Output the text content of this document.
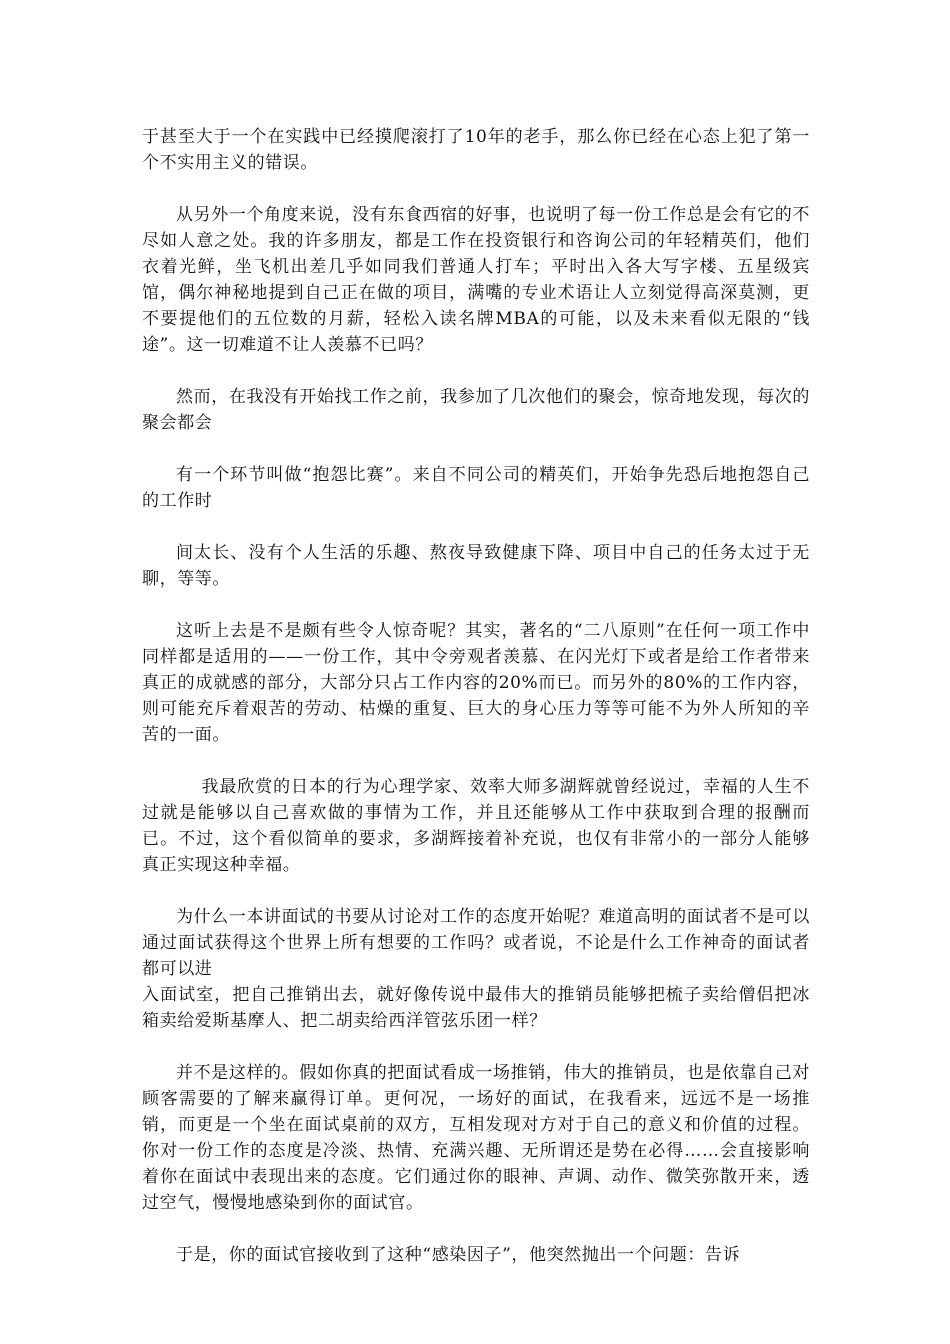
于甚至大于一个在实践中已经摸爬滚打了10年的老手，那么你已经在心态上犯了第一个不实用主义的错误。

从另外一个角度来说，没有东食西宿的好事，也说明了每一份工作总是会有它的不尽如人意之处。我的许多朋友，都是工作在投资银行和咨询公司的年轻精英们，他们衣着光鲜，坐飞机出差几乎如同我们普通人打车；平时出入各大写字楼、五星级宾馆，偶尔神秘地提到自己正在做的项目，满嘴的专业术语让人立刻觉得高深莫测，更不要提他们的五位数的月薪，轻松入读名牌MBA的可能，以及未来看似无限的“钱途”。这一切难道不让人羡慕不已吗？

然而，在我没有开始找工作之前，我参加了几次他们的聚会，惊奇地发现，每次的聚会都会

有一个环节叫做“抱怨比赛”。来自不同公司的精英们，开始争先恐后地抱怨自己的工作时

间太长、没有个人生活的乐趣、熬夜导致健康下降、项目中自己的任务太过于无聊，等等。

这听上去是不是颇有些令人惊奇呢？其实，著名的“二八原则”在任何一项工作中同样都是适用的——一份工作，其中令旁观者羡慕、在闪光灯下或者是给工作者带来真正的成就感的部分，大部分只占工作内容的20%而已。而另外的80%的工作内容，则可能充斥着艰苦的劳动、枯燥的重复、巨大的身心压力等等可能不为外人所知的辛苦的一面。

我最欣赏的日本的行为心理学家、效率大师多湖辉就曾经说过，幸福的人生不过就是能够以自己喜欢做的事情为工作，并且还能够从工作中获取到合理的报酬而已。不过，这个看似简单的要求，多湖辉接着补充说，也仅有非常小的一部分人能够真正实现这种幸福。

为什么一本讲面试的书要从讨论对工作的态度开始呢？难道高明的面试者不是可以通过面试获得这个世界上所有想要的工作吗？或者说，不论是什么工作神奇的面试者都可以进

入面试室，把自己推销出去，就好像传说中最伟大的推销员能够把梳子卖给僧侣把冰箱卖给爱斯基摩人、把二胡卖给西洋管弦乐团一样？

并不是这样的。假如你真的把面试看成一场推销，伟大的推销员，也是依靠自己对顾客需要的了解来赢得订单。更何况，一场好的面试，在我看来，远远不是一场推销，而更是一个坐在面试桌前的双方，互相发现对方对于自己的意义和价值的过程。你对一份工作的态度是冷淡、热情、充满兴趣、无所谓还是势在必得……会直接影响着你在面试中表现出来的态度。它们通过你的眼神、声调、动作、微笑弥散开来，透过空气，慢慢地感染到你的面试官。

于是，你的面试官接收到了这种“感染因子”，他突然抛出一个问题：告诉
